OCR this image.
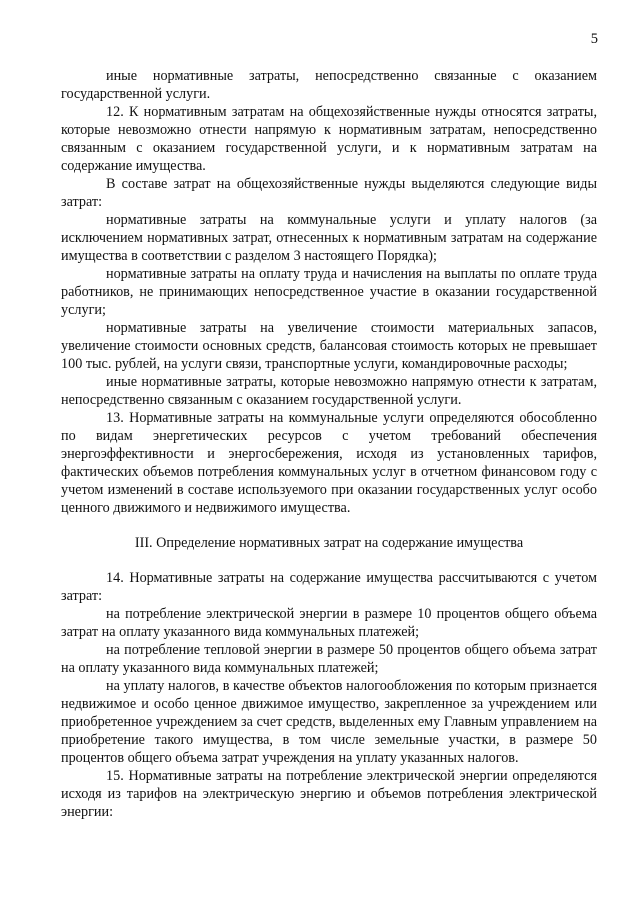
5

иные нормативные затраты, непосредственно связанные с оказанием государственной услуги.

12. К нормативным затратам на общехозяйственные нужды относятся затраты, которые невозможно отнести напрямую к нормативным затратам, непосредственно связанным с оказанием государственной услуги, и к нормативным затратам на содержание имущества.

В составе затрат на общехозяйственные нужды выделяются следующие виды затрат:

нормативные затраты на коммунальные услуги и уплату налогов (за исключением нормативных затрат, отнесенных к нормативным затратам на содержание имущества в соответствии с разделом 3 настоящего Порядка);

нормативные затраты на оплату труда и начисления на выплаты по оплате труда работников, не принимающих непосредственное участие в оказании государственной услуги;

нормативные затраты на увеличение стоимости материальных запасов, увеличение стоимости основных средств, балансовая стоимость которых не превышает 100 тыс. рублей, на услуги связи, транспортные услуги, командировочные расходы;

иные нормативные затраты, которые невозможно напрямую отнести к затратам, непосредственно связанным с оказанием государственной услуги.

13. Нормативные затраты на коммунальные услуги определяются обособленно по видам энергетических ресурсов с учетом требований обеспечения энергоэффективности и энергосбережения, исходя из установленных тарифов, фактических объемов потребления коммунальных услуг в отчетном финансовом году с учетом изменений в составе используемого при оказании государственных услуг особо ценного движимого и недвижимого имущества.

III. Определение нормативных затрат на содержание имущества

14. Нормативные затраты на содержание имущества рассчитываются с учетом затрат:

на потребление электрической энергии в размере 10 процентов общего объема затрат на оплату указанного вида коммунальных платежей;

на потребление тепловой энергии в размере 50 процентов общего объема затрат на оплату указанного вида коммунальных платежей;

на уплату налогов, в качестве объектов налогообложения по которым признается недвижимое и особо ценное движимое имущество, закрепленное за учреждением или приобретенное учреждением за счет средств, выделенных ему Главным управлением на приобретение такого имущества, в том числе земельные участки, в размере 50 процентов общего объема затрат учреждения на уплату указанных налогов.

15. Нормативные затраты на потребление электрической энергии определяются исходя из тарифов на электрическую энергию и объемов потребления электрической энергии:
